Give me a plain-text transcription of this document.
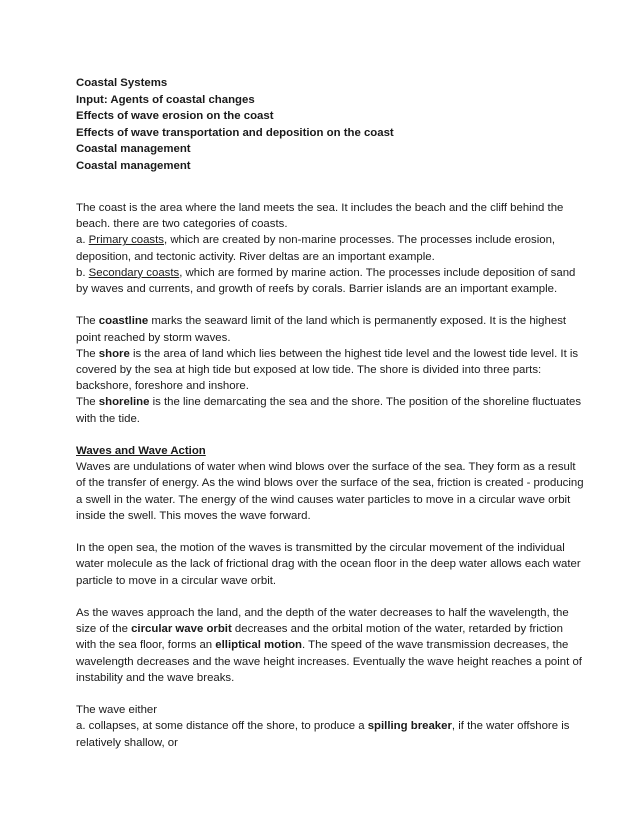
Coastal Systems
Input: Agents of coastal changes
Effects of wave erosion on the coast
Effects of wave transportation and deposition on the coast
Coastal management
Coastal management

The coast is the area where the land meets the sea. It includes the beach and the cliff behind the beach. there are two categories of coasts.

a. Primary coasts, which are created by non-marine processes. The processes include erosion, deposition, and tectonic activity. River deltas are an important example.

b. Secondary coasts, which are formed by marine action. The processes include deposition of sand by waves and currents, and growth of reefs by corals. Barrier islands are an important example.

The coastline marks the seaward limit of the land which is permanently exposed. It is the highest point reached by storm waves.

The shore is the area of land which lies between the highest tide level and the lowest tide level. It is covered by the sea at high tide but exposed at low tide. The shore is divided into three parts: backshore, foreshore and inshore.

The shoreline is the line demarcating the sea and the shore. The position of the shoreline fluctuates with the tide.

Waves and Wave Action

Waves are undulations of water when wind blows over the surface of the sea. They form as a result of the transfer of energy. As the wind blows over the surface of the sea, friction is created - producing a swell in the water. The energy of the wind causes water particles to move in a circular wave orbit inside the swell. This moves the wave forward.

In the open sea, the motion of the waves is transmitted by the circular movement of the individual water molecule as the lack of frictional drag with the ocean floor in the deep water allows each water particle to move in a circular wave orbit.

As the waves approach the land, and the depth of the water decreases to half the wavelength, the size of the circular wave orbit decreases and the orbital motion of the water, retarded by friction with the sea floor, forms an elliptical motion. The speed of the wave transmission decreases, the wavelength decreases and the wave height increases. Eventually the wave height reaches a point of instability and the wave breaks.

The wave either

a. collapses, at some distance off the shore, to produce a spilling breaker, if the water offshore is relatively shallow, or
